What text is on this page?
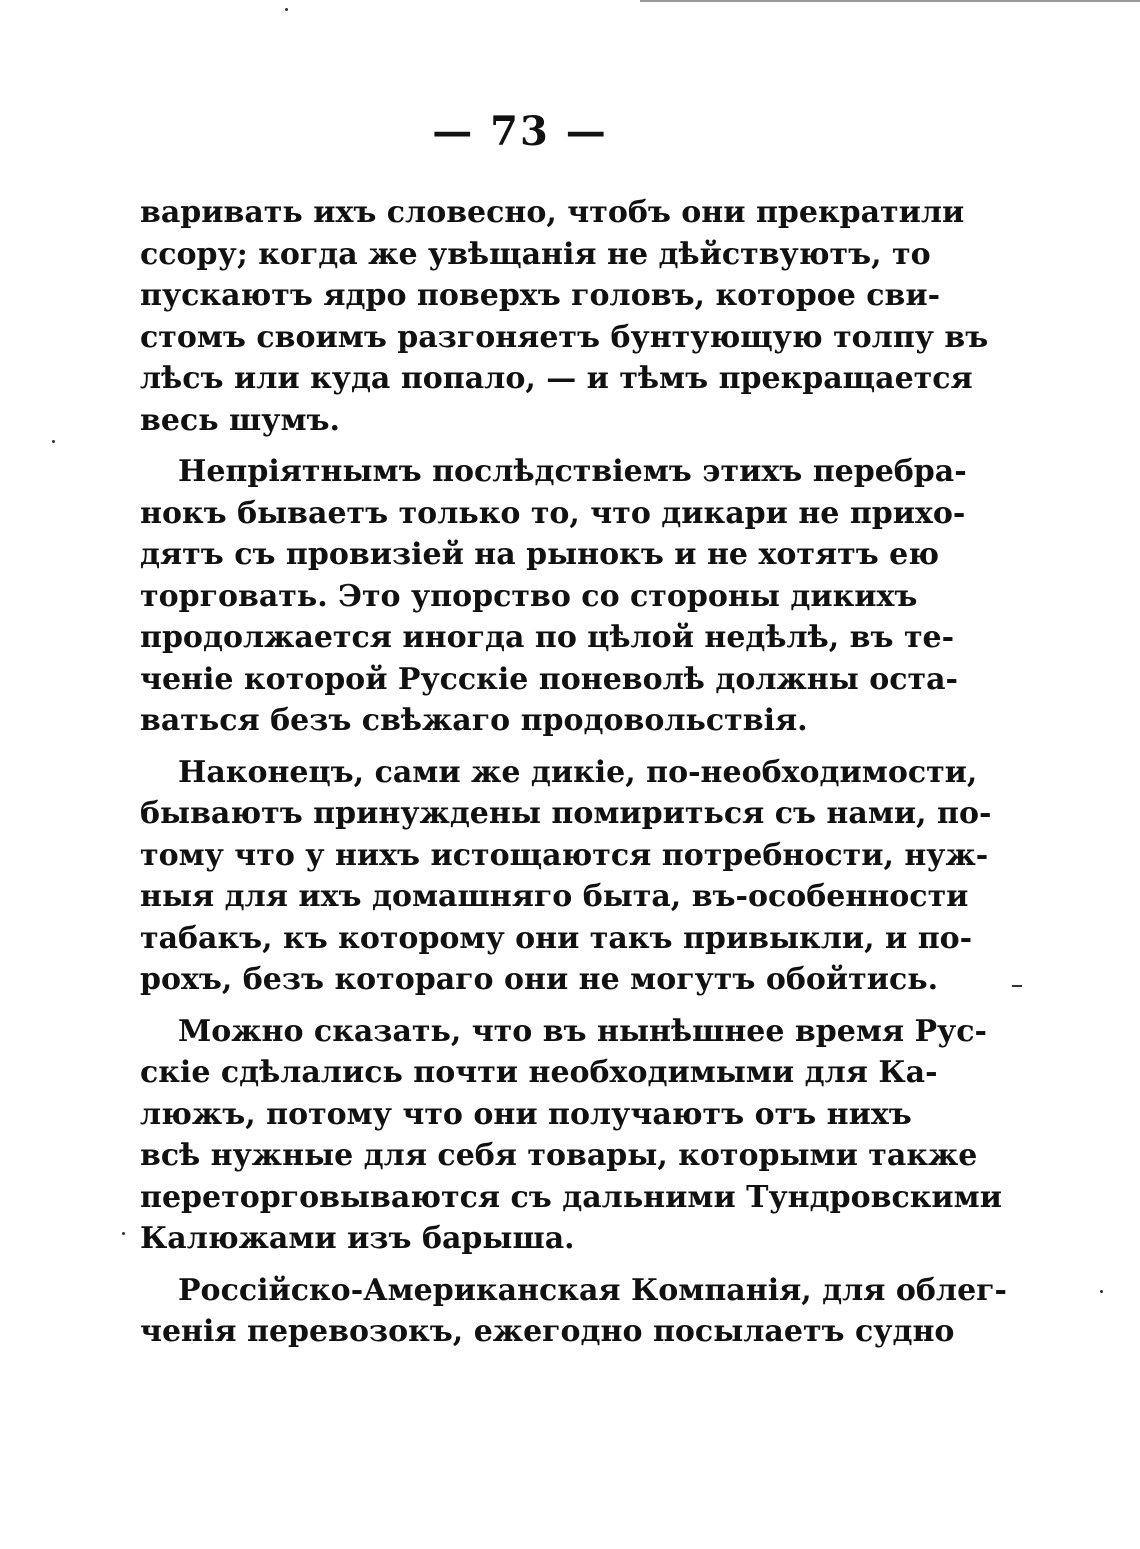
— 73 —
варивать ихъ словесно, чтобъ они прекратили
ссору; когда же увѣщанія не дѣйствуютъ, то
пускаютъ ядро поверхъ головъ, которое сви-
стомъ своимъ разгоняетъ бунтующую толпу въ
лѣсъ или куда попало, — и тѣмъ прекращается
весь шумъ.
Непріятнымъ послѣдствіемъ этихъ перебра-
нокъ бываетъ только то, что дикари не прихо-
дятъ съ провизіей на рынокъ и не хотятъ ею
торговать. Это упорство со стороны дикихъ
продолжается иногда по цѣлой недѣлѣ, въ те-
ченіе которой Русскіе поневолѣ должны оста-
ваться безъ свѣжаго продовольствія.
Наконецъ, сами же дикіе, по-необходимости,
бываютъ принуждены помириться съ нами, по-
тому что у нихъ истощаются потребности, нуж-
ныя для ихъ домашняго быта, въ-особенности
табакъ, къ которому они такъ привыкли, и по-
рохъ, безъ котораго они не могутъ обойтись.
Можно сказать, что въ нынѣшнее время Рус-
скіе сдѣлались почти необходимыми для Ка-
люжъ, потому что они получаютъ отъ нихъ
всѣ нужные для себя товары, которыми также
переторговываются съ дальними Тундровскими
Калюжами изъ барыша.
Россійско-Американская Компанія, для облег-
ченія перевозокъ, ежегодно посылаетъ судно
